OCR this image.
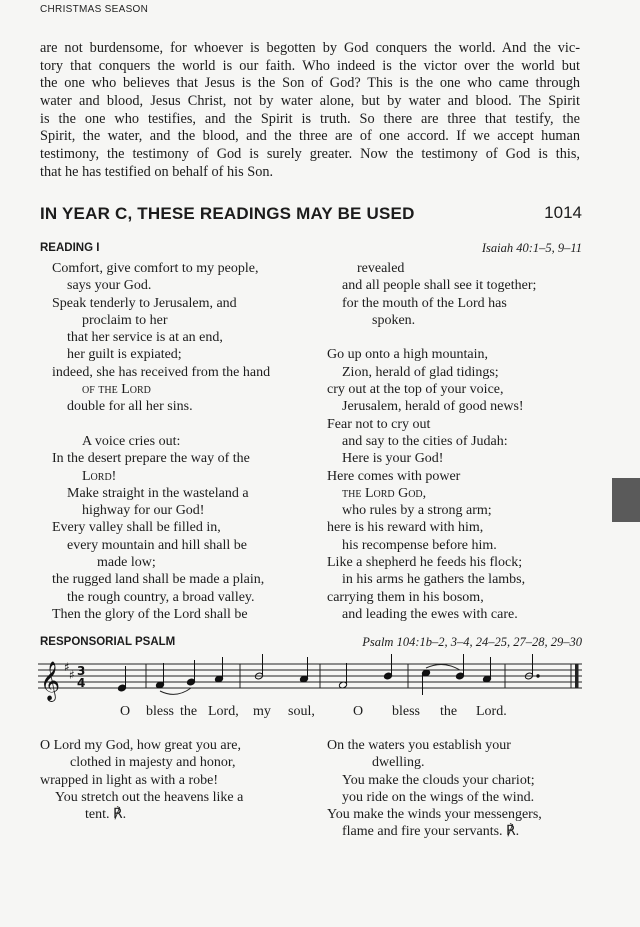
CHRISTMAS SEASON
are not burdensome, for whoever is begotten by God conquers the world. And the vic-
tory that conquers the world is our faith. Who indeed is the victor over the world but
the one who believes that Jesus is the Son of God? This is the one who came through
water and blood, Jesus Christ, not by water alone, but by water and blood. The Spirit
is the one who testifies, and the Spirit is truth. So there are three that testify, the
Spirit, the water, and the blood, and the three are of one accord. If we accept human
testimony, the testimony of God is surely greater. Now the testimony of God is this,
that he has testified on behalf of his Son.
IN YEAR C, THESE READINGS MAY BE USED	1014
READING I	Isaiah 40:1–5, 9–11
Comfort, give comfort to my people,
says your God.
Speak tenderly to Jerusalem, and
proclaim to her
that her service is at an end,
her guilt is expiated;
indeed, she has received from the hand
of the Lord
double for all her sins.
A voice cries out:
In the desert prepare the way of the
Lord!
Make straight in the wasteland a
highway for our God!
Every valley shall be filled in,
every mountain and hill shall be
made low;
the rugged land shall be made a plain,
the rough country, a broad valley.
Then the glory of the Lord shall be
revealed
and all people shall see it together;
for the mouth of the Lord has
spoken.
Go up onto a high mountain,
Zion, herald of glad tidings;
cry out at the top of your voice,
Jerusalem, herald of good news!
Fear not to cry out
and say to the cities of Judah:
Here is your God!
Here comes with power
the Lord God,
who rules by a strong arm;
here is his reward with him,
his recompense before him.
Like a shepherd he feeds his flock;
in his arms he gathers the lambs,
carrying them in his bosom,
and leading the ewes with care.
RESPONSORIAL PSALM	Psalm 104:1b–2, 3–4, 24–25, 27–28, 29–30
𝄞 ♯
♯ 3
4
O bless the Lord, my soul,	O bless the Lord.
O Lord my God, how great you are,
clothed in majesty and honor,
wrapped in light as with a robe!
You stretch out the heavens like a
tent. ℟.
On the waters you establish your
dwelling.
You make the clouds your chariot;
you ride on the wings of the wind.
You make the winds your messengers,
flame and fire your servants. ℟.
